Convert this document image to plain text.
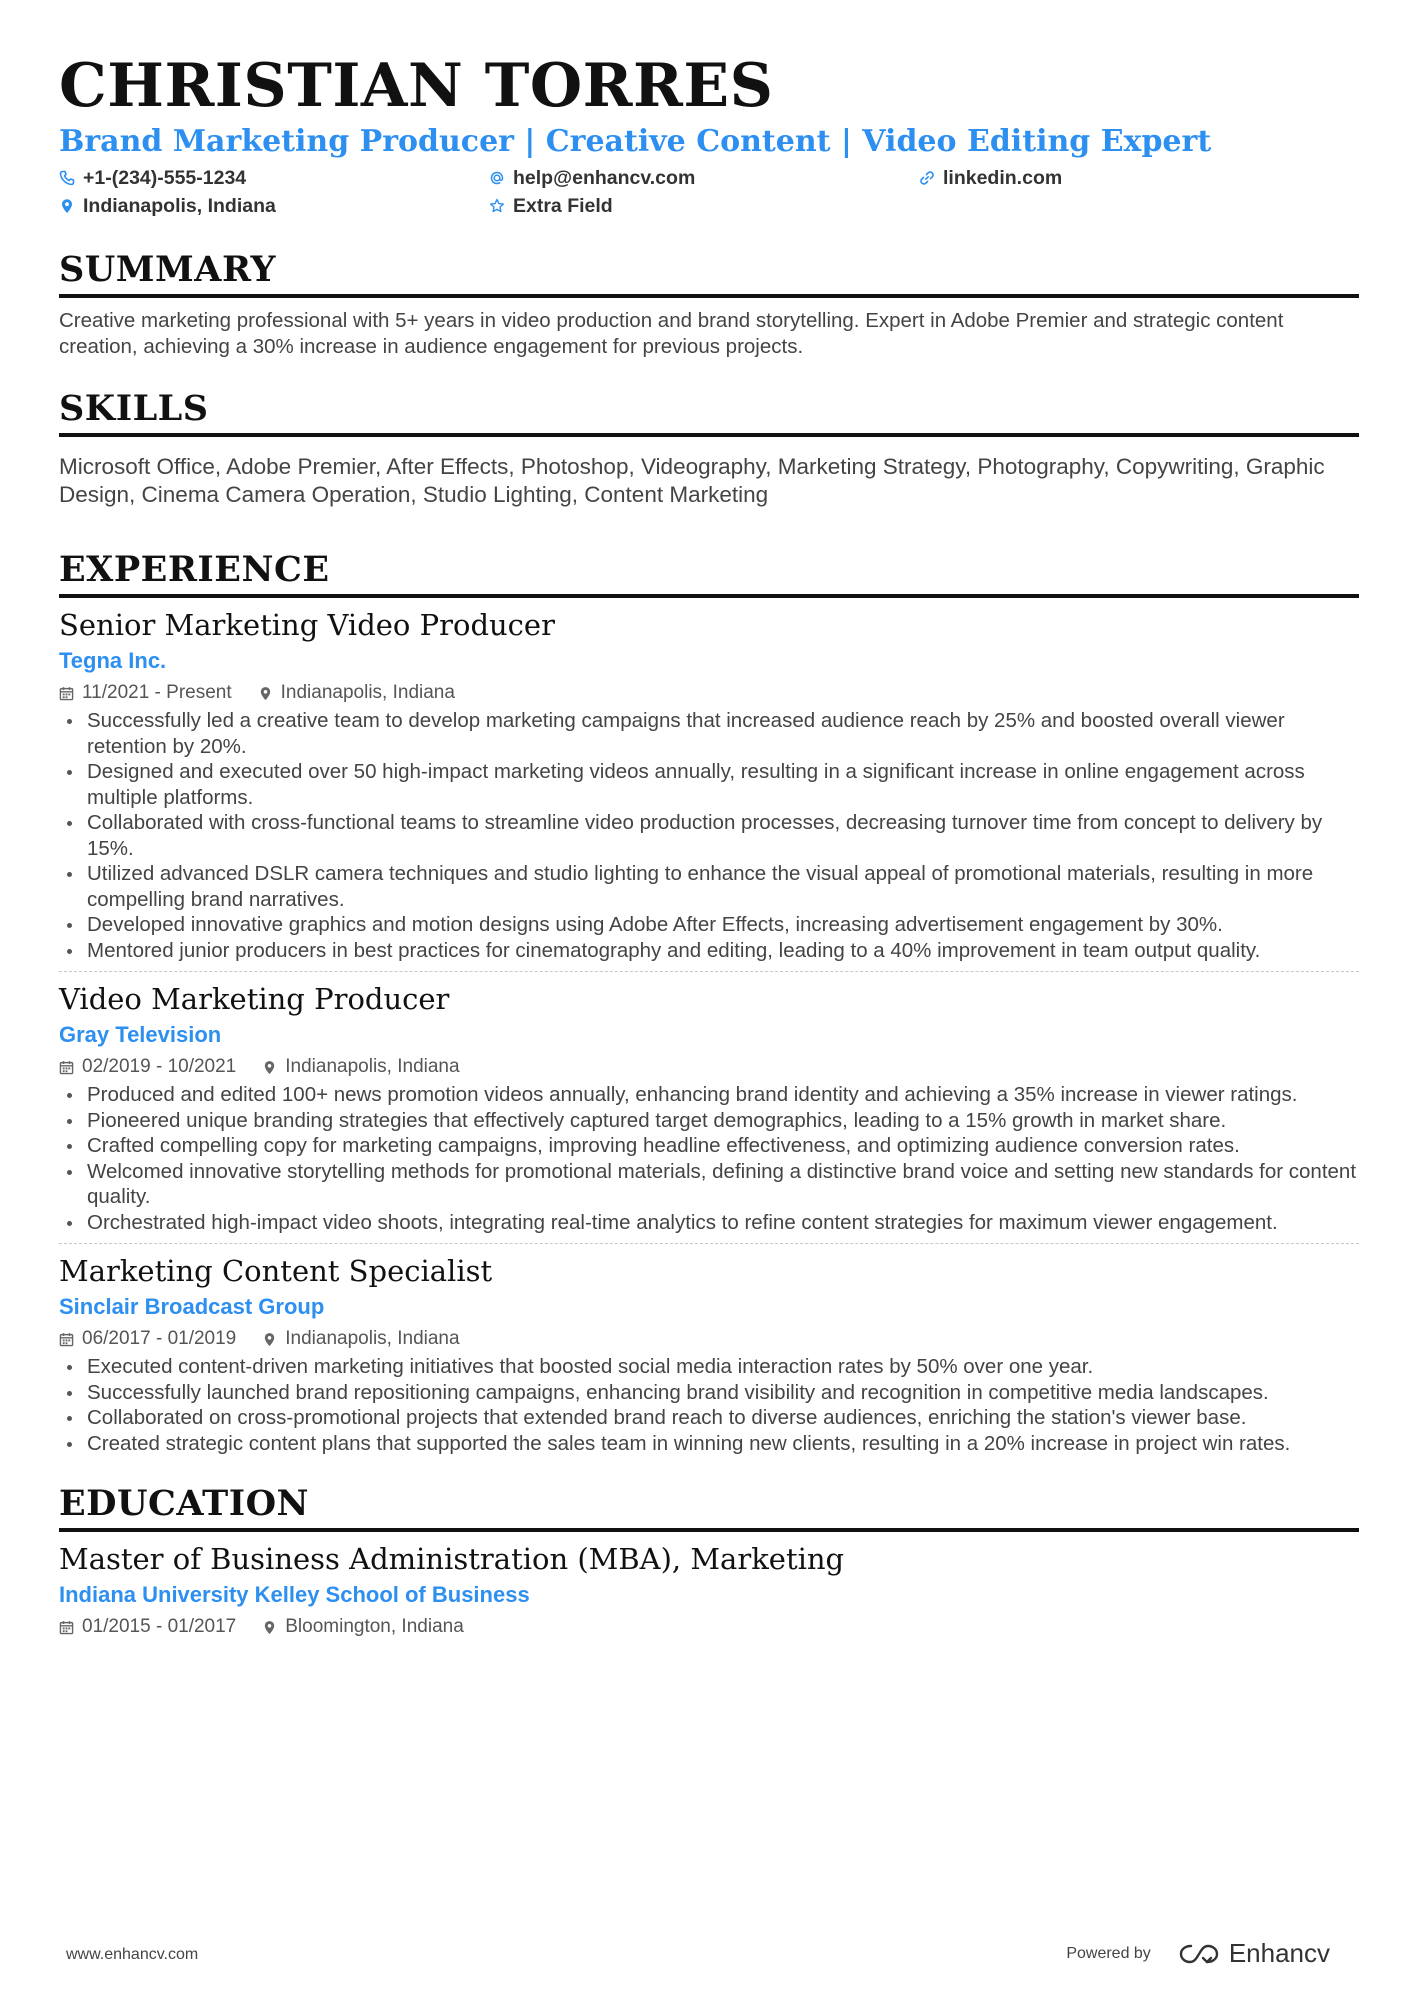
CHRISTIAN TORRES
Brand Marketing Producer | Creative Content | Video Editing Expert
+1-(234)-555-1234	help@enhancv.com	linkedin.com
Indianapolis, Indiana	Extra Field
SUMMARY
Creative marketing professional with 5+ years in video production and brand storytelling. Expert in Adobe Premier and strategic content creation, achieving a 30% increase in audience engagement for previous projects.
SKILLS
Microsoft Office, Adobe Premier, After Effects, Photoshop, Videography, Marketing Strategy, Photography, Copywriting, Graphic Design, Cinema Camera Operation, Studio Lighting, Content Marketing
EXPERIENCE
Senior Marketing Video Producer
Tegna Inc.
11/2021 - Present	Indianapolis, Indiana
Successfully led a creative team to develop marketing campaigns that increased audience reach by 25% and boosted overall viewer retention by 20%.
Designed and executed over 50 high-impact marketing videos annually, resulting in a significant increase in online engagement across multiple platforms.
Collaborated with cross-functional teams to streamline video production processes, decreasing turnover time from concept to delivery by 15%.
Utilized advanced DSLR camera techniques and studio lighting to enhance the visual appeal of promotional materials, resulting in more compelling brand narratives.
Developed innovative graphics and motion designs using Adobe After Effects, increasing advertisement engagement by 30%.
Mentored junior producers in best practices for cinematography and editing, leading to a 40% improvement in team output quality.
Video Marketing Producer
Gray Television
02/2019 - 10/2021	Indianapolis, Indiana
Produced and edited 100+ news promotion videos annually, enhancing brand identity and achieving a 35% increase in viewer ratings.
Pioneered unique branding strategies that effectively captured target demographics, leading to a 15% growth in market share.
Crafted compelling copy for marketing campaigns, improving headline effectiveness, and optimizing audience conversion rates.
Welcomed innovative storytelling methods for promotional materials, defining a distinctive brand voice and setting new standards for content quality.
Orchestrated high-impact video shoots, integrating real-time analytics to refine content strategies for maximum viewer engagement.
Marketing Content Specialist
Sinclair Broadcast Group
06/2017 - 01/2019	Indianapolis, Indiana
Executed content-driven marketing initiatives that boosted social media interaction rates by 50% over one year.
Successfully launched brand repositioning campaigns, enhancing brand visibility and recognition in competitive media landscapes.
Collaborated on cross-promotional projects that extended brand reach to diverse audiences, enriching the station's viewer base.
Created strategic content plans that supported the sales team in winning new clients, resulting in a 20% increase in project win rates.
EDUCATION
Master of Business Administration (MBA), Marketing
Indiana University Kelley School of Business
01/2015 - 01/2017	Bloomington, Indiana
www.enhancv.com	Powered by	Enhancv
